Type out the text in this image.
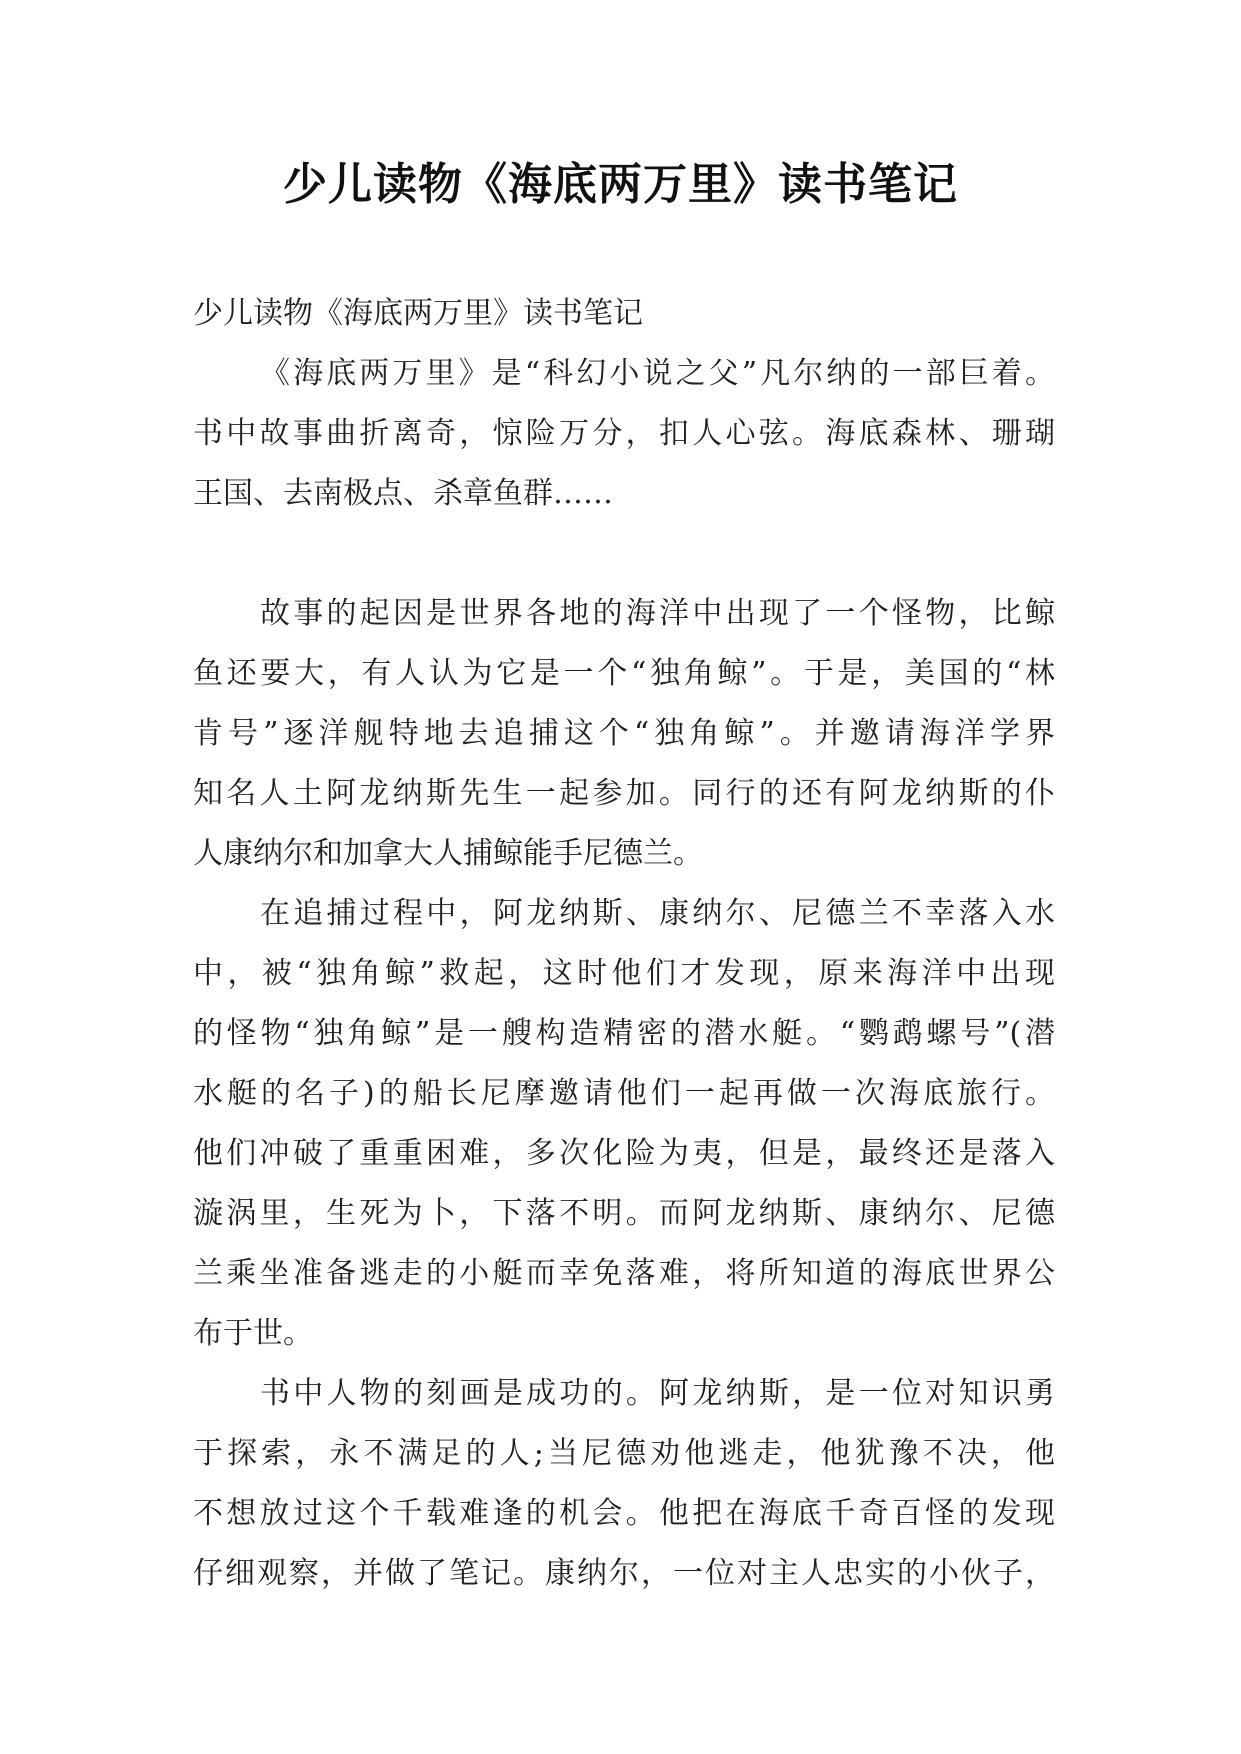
少儿读物《海底两万里》读书笔记
少儿读物《海底两万里》读书笔记
《海底两万里》是“科幻小说之父”凡尔纳的一部巨着。
书中故事曲折离奇，惊险万分，扣人心弦。海底森林、珊瑚
王国、去南极点、杀章鱼群……
故事的起因是世界各地的海洋中出现了一个怪物，比鲸
鱼还要大，有人认为它是一个“独角鲸”。于是，美国的“林
肯号”逐洋舰特地去追捕这个“独角鲸”。并邀请海洋学界
知名人土阿龙纳斯先生一起参加。同行的还有阿龙纳斯的仆
人康纳尔和加拿大人捕鲸能手尼德兰。
在追捕过程中，阿龙纳斯、康纳尔、尼德兰不幸落入水
中，被“独角鲸”救起，这时他们才发现，原来海洋中出现
的怪物“独角鲸”是一艘构造精密的潜水艇。“鹦鹉螺号”(潜
水艇的名子)的船长尼摩邀请他们一起再做一次海底旅行。
他们冲破了重重困难，多次化险为夷，但是，最终还是落入
漩涡里，生死为卜，下落不明。而阿龙纳斯、康纳尔、尼德
兰乘坐准备逃走的小艇而幸免落难，将所知道的海底世界公
布于世。
书中人物的刻画是成功的。阿龙纳斯，是一位对知识勇
于探索，永不满足的人;当尼德劝他逃走，他犹豫不决，他
不想放过这个千载难逢的机会。他把在海底千奇百怪的发现
仔细观察，并做了笔记。康纳尔，一位对主人忠实的小伙子，
